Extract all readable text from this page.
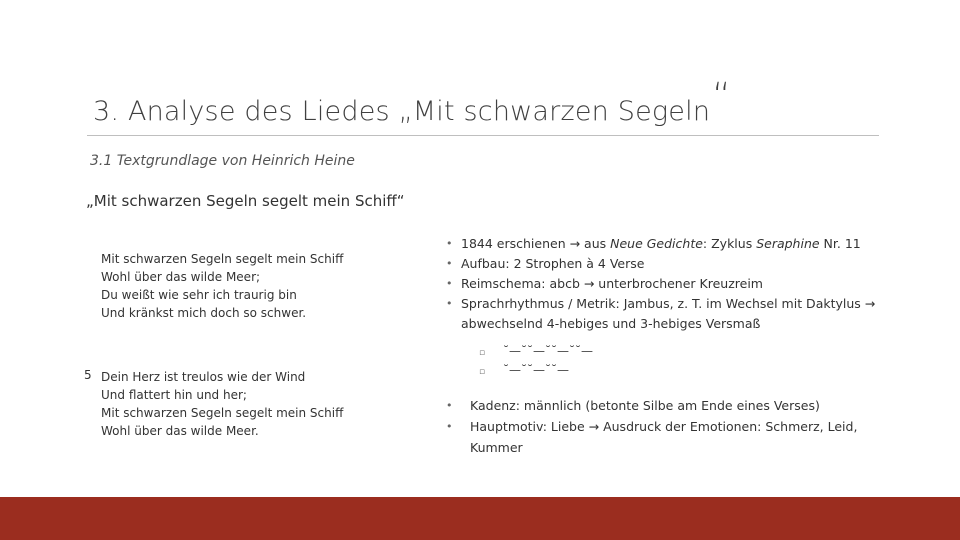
3. Analyse des Liedes „Mit schwarzen Segeln“
3.1 Textgrundlage von Heinrich Heine
„Mit schwarzen Segeln segelt mein Schiff“
Mit schwarzen Segeln segelt mein Schiff
Wohl über das wilde Meer;
Du weißt wie sehr ich traurig bin
Und kränkst mich doch so schwer.
5 Dein Herz ist treulos wie der Wind
Und flattert hin und her;
Mit schwarzen Segeln segelt mein Schiff
Wohl über das wilde Meer.
• 1844 erschienen → aus Neue Gedichte: Zyklus Seraphine Nr. 11
• Aufbau: 2 Strophen à 4 Verse
• Reimschema: abcb → unterbrochener Kreuzreim
• Sprachrhythmus / Metrik: Jambus, z. T. im Wechsel mit Daktylus → abwechselnd 4-hebiges und 3-hebiges Versmaß
▫ ˘—˘˘—˘˘—˘˘—
▫ ˘—˘˘—˘˘—
• Kadenz: männlich (betonte Silbe am Ende eines Verses)
• Hauptmotiv: Liebe → Ausdruck der Emotionen: Schmerz, Leid, Kummer
